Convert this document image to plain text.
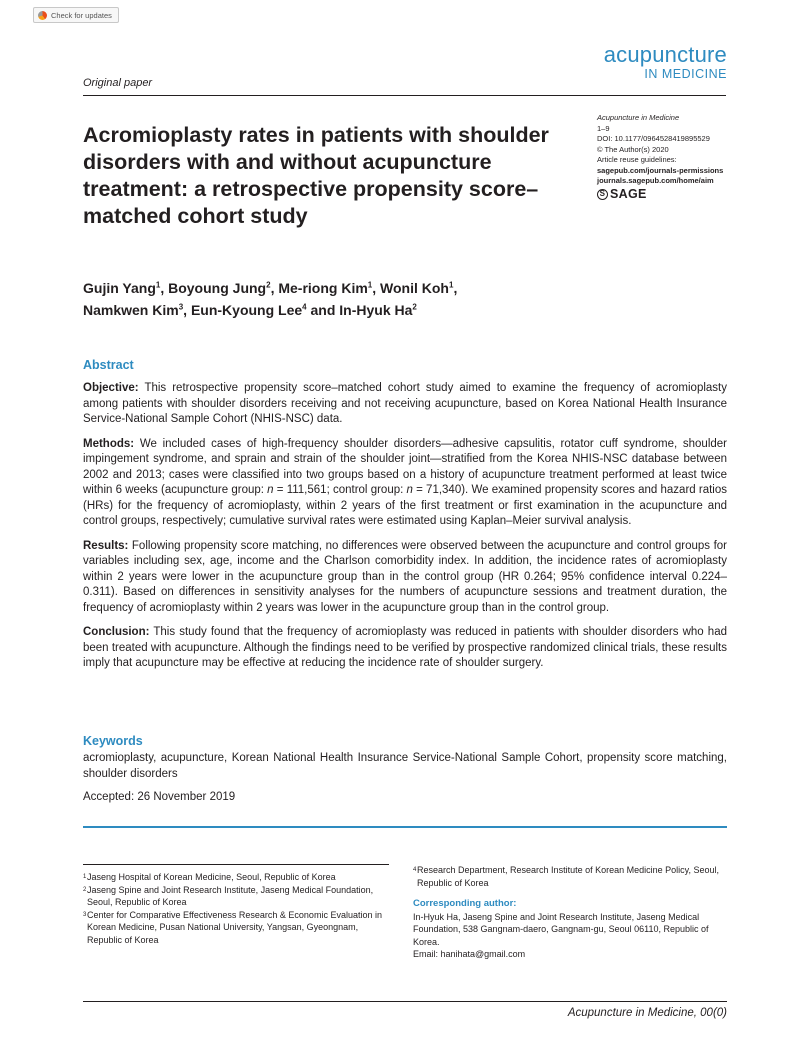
Check for updates
acupuncture
IN MEDICINE
Original paper
Acromioplasty rates in patients with shoulder disorders with and without acupuncture treatment: a retrospective propensity score–matched cohort study
Acupuncture in Medicine
1–9
DOI: 10.1177/0964528419895529
© The Author(s) 2020
Article reuse guidelines:
sagepub.com/journals-permissions
journals.sagepub.com/home/aim
S SAGE
Gujin Yang$^1$, Boyoung Jung$^2$, Me-riong Kim$^1$, Wonil Koh$^1$,
Namkwen Kim$^3$, Eun-Kyoung Lee$^4$ and In-Hyuk Ha$^2$
Abstract

Objective: This retrospective propensity score–matched cohort study aimed to examine the frequency of acromioplasty among patients with shoulder disorders receiving and not receiving acupuncture, based on Korea National Health Insurance Service-National Sample Cohort (NHIS-NSC) data.

Methods: We included cases of high-frequency shoulder disorders—adhesive capsulitis, rotator cuff syndrome, shoulder impingement syndrome, and sprain and strain of the shoulder joint—stratified from the Korea NHIS-NSC database between 2002 and 2013; cases were classified into two groups based on a history of acupuncture treatment performed at least twice within 6 weeks (acupuncture group: n = 111,561; control group: n = 71,340). We examined propensity scores and hazard ratios (HRs) for the frequency of acromioplasty, within 2 years of the first treatment or first examination in the acupuncture and control groups, respectively; cumulative survival rates were estimated using Kaplan–Meier survival analysis.

Results: Following propensity score matching, no differences were observed between the acupuncture and control groups for variables including sex, age, income and the Charlson comorbidity index. In addition, the incidence rates of acromioplasty within 2 years were lower in the acupuncture group than in the control group (HR 0.264; 95% confidence interval 0.224–0.311). Based on differences in sensitivity analyses for the numbers of acupuncture sessions and treatment duration, the frequency of acromioplasty within 2 years was lower in the acupuncture group than in the control group.

Conclusion: This study found that the frequency of acromioplasty was reduced in patients with shoulder disorders who had been treated with acupuncture. Although the findings need to be verified by prospective randomized clinical trials, these results imply that acupuncture may be effective at reducing the incidence rate of shoulder surgery.

Keywords
acromioplasty, acupuncture, Korean National Health Insurance Service-National Sample Cohort, propensity score matching, shoulder disorders
Accepted: 26 November 2019
1 Jaseng Hospital of Korean Medicine, Seoul, Republic of Korea
2 Jaseng Spine and Joint Research Institute, Jaseng Medical Foundation, Seoul, Republic of Korea
3 Center for Comparative Effectiveness Research & Economic Evaluation in Korean Medicine, Pusan National University, Yangsan, Gyeongnam, Republic of Korea
4 Research Department, Research Institute of Korean Medicine Policy, Seoul, Republic of Korea
Corresponding author:
In-Hyuk Ha, Jaseng Spine and Joint Research Institute, Jaseng Medical Foundation, 538 Gangnam-daero, Gangnam-gu, Seoul 06110, Republic of Korea.
Email: hanihata@gmail.com
Acupuncture in Medicine, 00(0)
